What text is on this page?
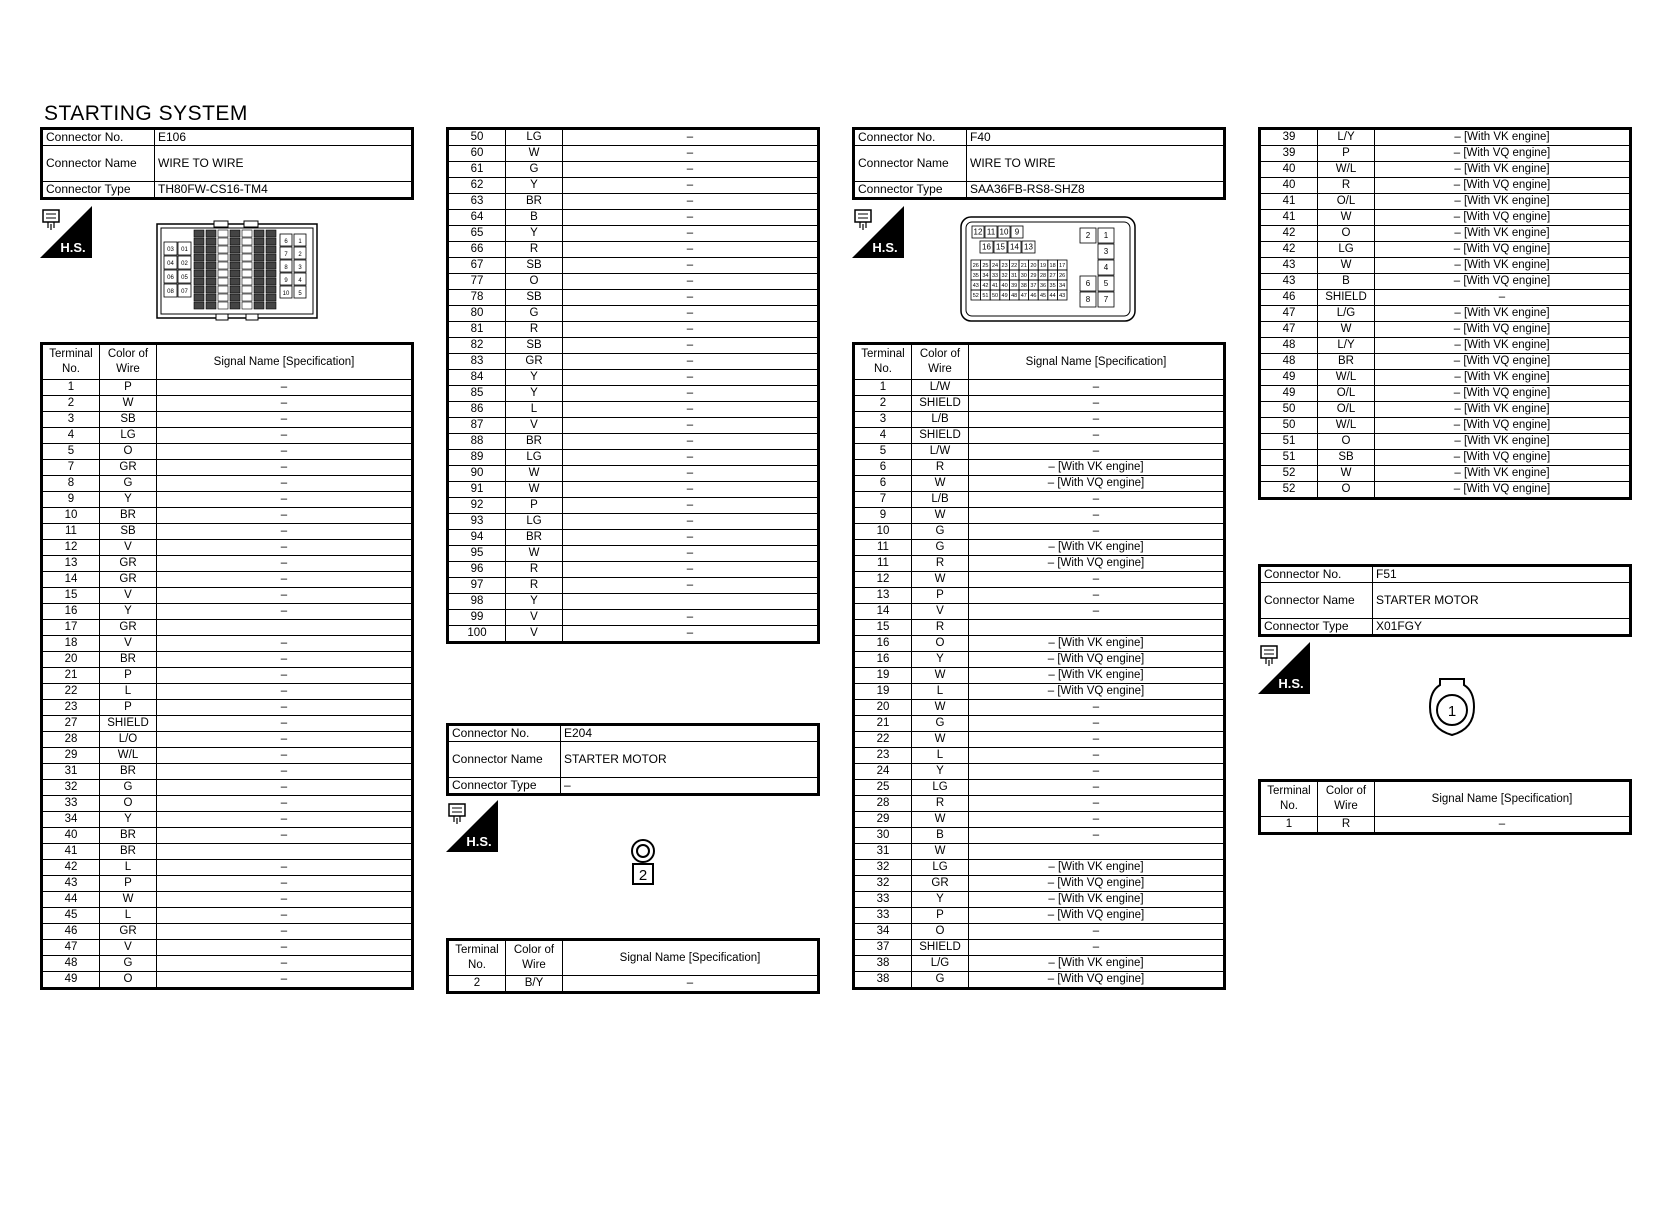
STARTING SYSTEM
Connector No.	E106
Connector Name	WIRE TO WIRE
Connector Type	TH80FW-CS16-TM4
Terminal No.	Color of Wire	Signal Name [Specification]
1	P	–
2	W	–
3	SB	–
4	LG	–
5	O	–
7	GR	–
8	G	–
9	Y	–
10	BR	–
11	SB	–
12	V	–
13	GR	–
14	GR	–
15	V	–
16	Y	–
17	GR	
18	V	–
20	BR	–
21	P	–
22	L	–
23	P	–
27	SHIELD	–
28	L/O	–
29	W/L	–
31	BR	–
32	G	–
33	O	–
34	Y	–
40	BR	–
41	BR	
42	L	–
43	P	–
44	W	–
45	L	–
46	GR	–
47	V	–
48	G	–
49	O	–
50	LG	–
60	W	–
61	G	–
62	Y	–
63	BR	–
64	B	–
65	Y	–
66	R	–
67	SB	–
77	O	–
78	SB	–
80	G	–
81	R	–
82	SB	–
83	GR	–
84	Y	–
85	Y	–
86	L	–
87	V	–
88	BR	–
89	LG	–
90	W	–
91	W	–
92	P	–
93	LG	–
94	BR	–
95	W	–
96	R	–
97	R	–
98	Y	
99	V	–
100	V	–
Connector No.	E204
Connector Name	STARTER MOTOR
Connector Type	–
Terminal No.	Color of Wire	Signal Name [Specification]
2	B/Y	–
Connector No.	F40
Connector Name	WIRE TO WIRE
Connector Type	SAA36FB-RS8-SHZ8
Terminal No.	Color of Wire	Signal Name [Specification]
1	L/W	–
2	SHIELD	–
3	L/B	–
4	SHIELD	–
5	L/W	–
6	R	– [With VK engine]
6	W	– [With VQ engine]
7	L/B	–
9	W	–
10	G	–
11	G	– [With VK engine]
11	R	– [With VQ engine]
12	W	–
13	P	–
14	V	–
15	R	
16	O	– [With VK engine]
16	Y	– [With VQ engine]
19	W	– [With VK engine]
19	L	– [With VQ engine]
20	W	–
21	G	–
22	W	–
23	L	–
24	Y	–
25	LG	–
28	R	–
29	W	–
30	B	–
31	W	
32	LG	– [With VK engine]
32	GR	– [With VQ engine]
33	Y	– [With VK engine]
33	P	– [With VQ engine]
34	O	–
37	SHIELD	–
38	L/G	– [With VK engine]
38	G	– [With VQ engine]
39	L/Y	– [With VK engine]
39	P	– [With VQ engine]
40	W/L	– [With VK engine]
40	R	– [With VQ engine]
41	O/L	– [With VK engine]
41	W	– [With VQ engine]
42	O	– [With VK engine]
42	LG	– [With VQ engine]
43	W	– [With VK engine]
43	B	– [With VQ engine]
46	SHIELD	–
47	L/G	– [With VK engine]
47	W	– [With VQ engine]
48	L/Y	– [With VK engine]
48	BR	– [With VQ engine]
49	W/L	– [With VK engine]
49	O/L	– [With VQ engine]
50	O/L	– [With VK engine]
50	W/L	– [With VQ engine]
51	O	– [With VK engine]
51	SB	– [With VQ engine]
52	W	– [With VK engine]
52	O	– [With VQ engine]
Connector No.	F51
Connector Name	STARTER MOTOR
Connector Type	X01FGY
Terminal No.	Color of Wire	Signal Name [Specification]
1	R	–
H.S.
H.S.
H.S.
H.S.
03 01
04 02
06 05
08 07
6 1
7 2
8 3
9 4
10 5
12 11 10 9
16 15 14 13
26 25 24 23 22 21 20 19 18 17
35 34 33 32 31 30 29 28 27 26
43 42 41 40 39 38 37 36 35 34
52 51 50 49 48 47 46 45 44 43
2 1
3
4
6 5
8 7
2
1
